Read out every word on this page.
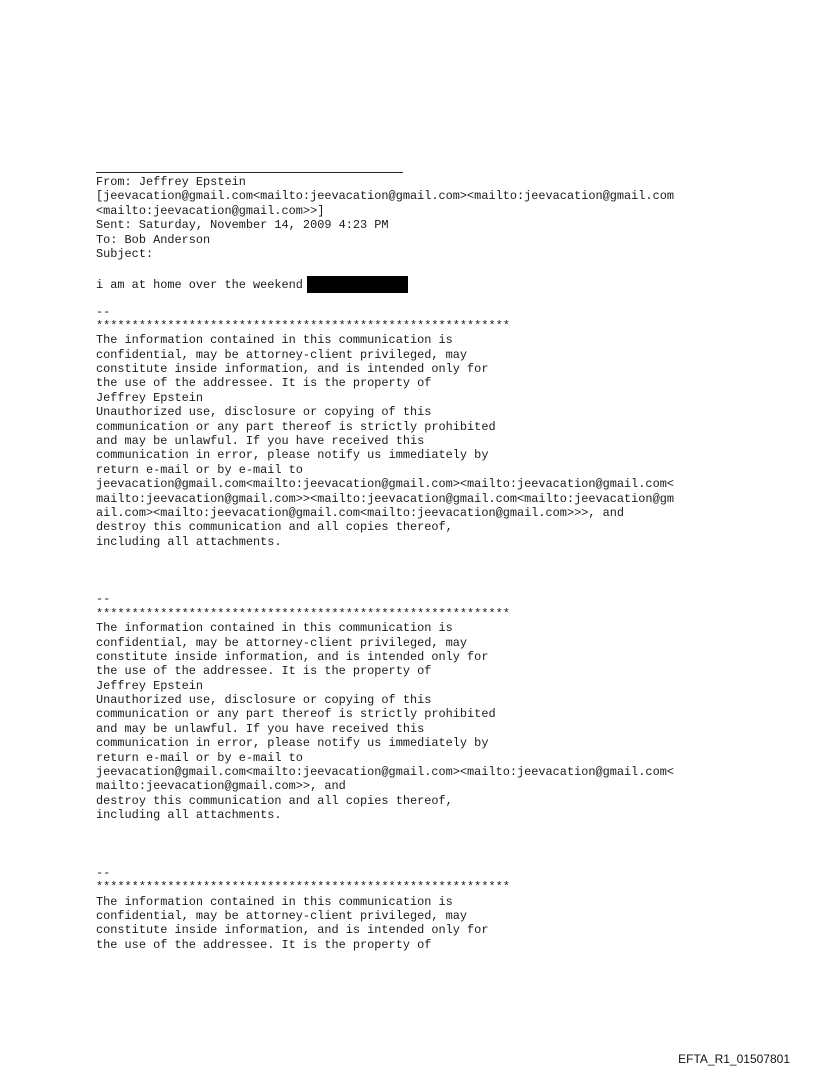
From: Jeffrey Epstein
[jeevacation@gmail.com<mailto:jeevacation@gmail.com><mailto:jeevacation@gmail.com
<mailto:jeevacation@gmail.com>>]
Sent: Saturday, November 14, 2009 4:23 PM
To: Bob Anderson
Subject:
i am at home over the weekend
--
**********************************************************
The information contained in this communication is
confidential, may be attorney-client privileged, may
constitute inside information, and is intended only for
the use of the addressee. It is the property of
Jeffrey Epstein
Unauthorized use, disclosure or copying of this
communication or any part thereof is strictly prohibited
and may be unlawful. If you have received this
communication in error, please notify us immediately by
return e-mail or by e-mail to
jeevacation@gmail.com<mailto:jeevacation@gmail.com><mailto:jeevacation@gmail.com<
mailto:jeevacation@gmail.com>><mailto:jeevacation@gmail.com<mailto:jeevacation@gm
ail.com><mailto:jeevacation@gmail.com<mailto:jeevacation@gmail.com>>>, and
destroy this communication and all copies thereof,
including all attachments.
--
**********************************************************
The information contained in this communication is
confidential, may be attorney-client privileged, may
constitute inside information, and is intended only for
the use of the addressee. It is the property of
Jeffrey Epstein
Unauthorized use, disclosure or copying of this
communication or any part thereof is strictly prohibited
and may be unlawful. If you have received this
communication in error, please notify us immediately by
return e-mail or by e-mail to
jeevacation@gmail.com<mailto:jeevacation@gmail.com><mailto:jeevacation@gmail.com<
mailto:jeevacation@gmail.com>>, and
destroy this communication and all copies thereof,
including all attachments.
--
**********************************************************
The information contained in this communication is
confidential, may be attorney-client privileged, may
constitute inside information, and is intended only for
the use of the addressee. It is the property of
EFTA_R1_01507801
